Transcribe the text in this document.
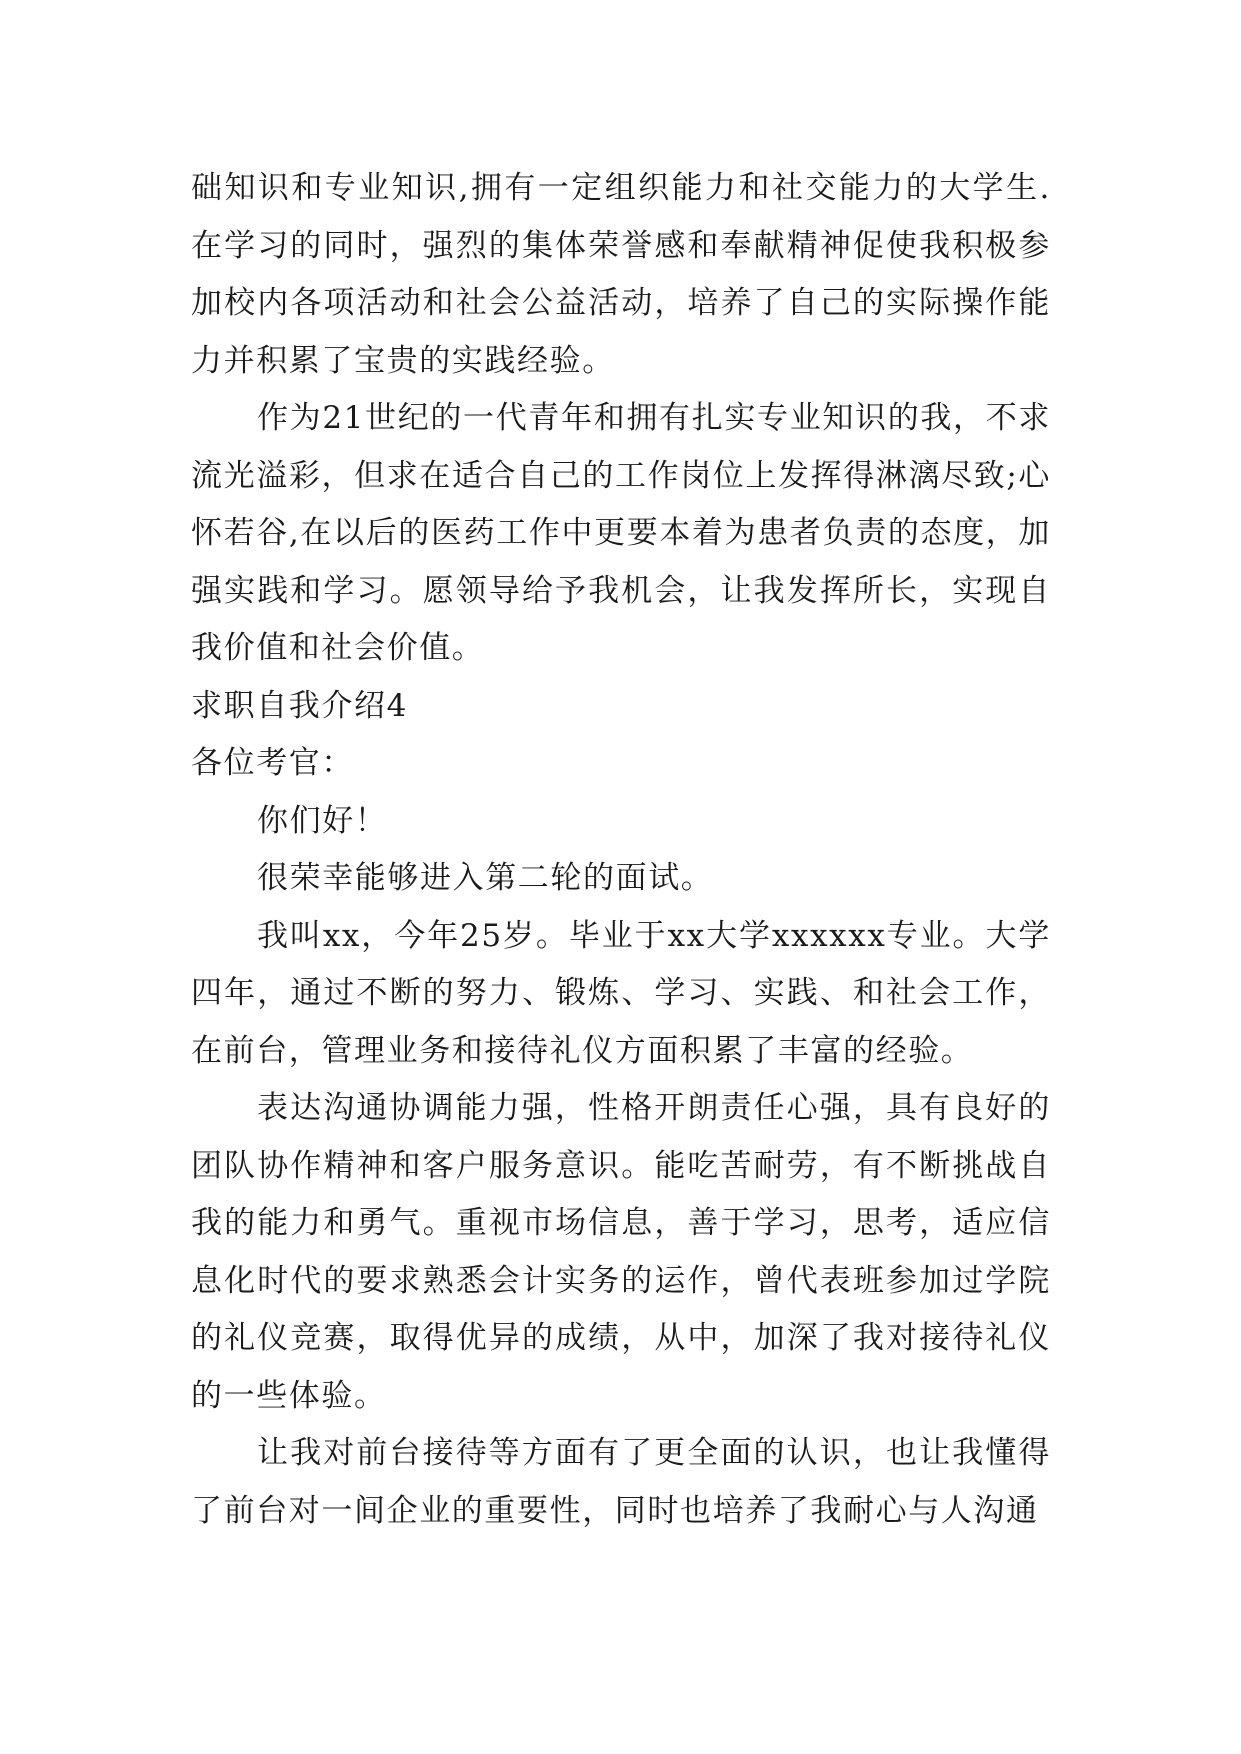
础知识和专业知识,拥有一定组织能力和社交能力的大学生.在学习的同时，强烈的集体荣誉感和奉献精神促使我积极参加校内各项活动和社会公益活动，培养了自己的实际操作能力并积累了宝贵的实践经验。

作为21世纪的一代青年和拥有扎实专业知识的我，不求流光溢彩，但求在适合自己的工作岗位上发挥得淋漓尽致;心怀若谷,在以后的医药工作中更要本着为患者负责的态度，加强实践和学习。愿领导给予我机会，让我发挥所长，实现自我价值和社会价值。

求职自我介绍4

各位考官：

你们好！

很荣幸能够进入第二轮的面试。

我叫xx，今年25岁。毕业于xx大学xxxxxx专业。大学四年，通过不断的努力、锻炼、学习、实践、和社会工作，在前台，管理业务和接待礼仪方面积累了丰富的经验。

表达沟通协调能力强，性格开朗责任心强，具有良好的团队协作精神和客户服务意识。能吃苦耐劳，有不断挑战自我的能力和勇气。重视市场信息，善于学习，思考，适应信息化时代的要求熟悉会计实务的运作，曾代表班参加过学院的礼仪竞赛，取得优异的成绩，从中，加深了我对接待礼仪的一些体验。

让我对前台接待等方面有了更全面的认识，也让我懂得了前台对一间企业的重要性，同时也培养了我耐心与人沟通
